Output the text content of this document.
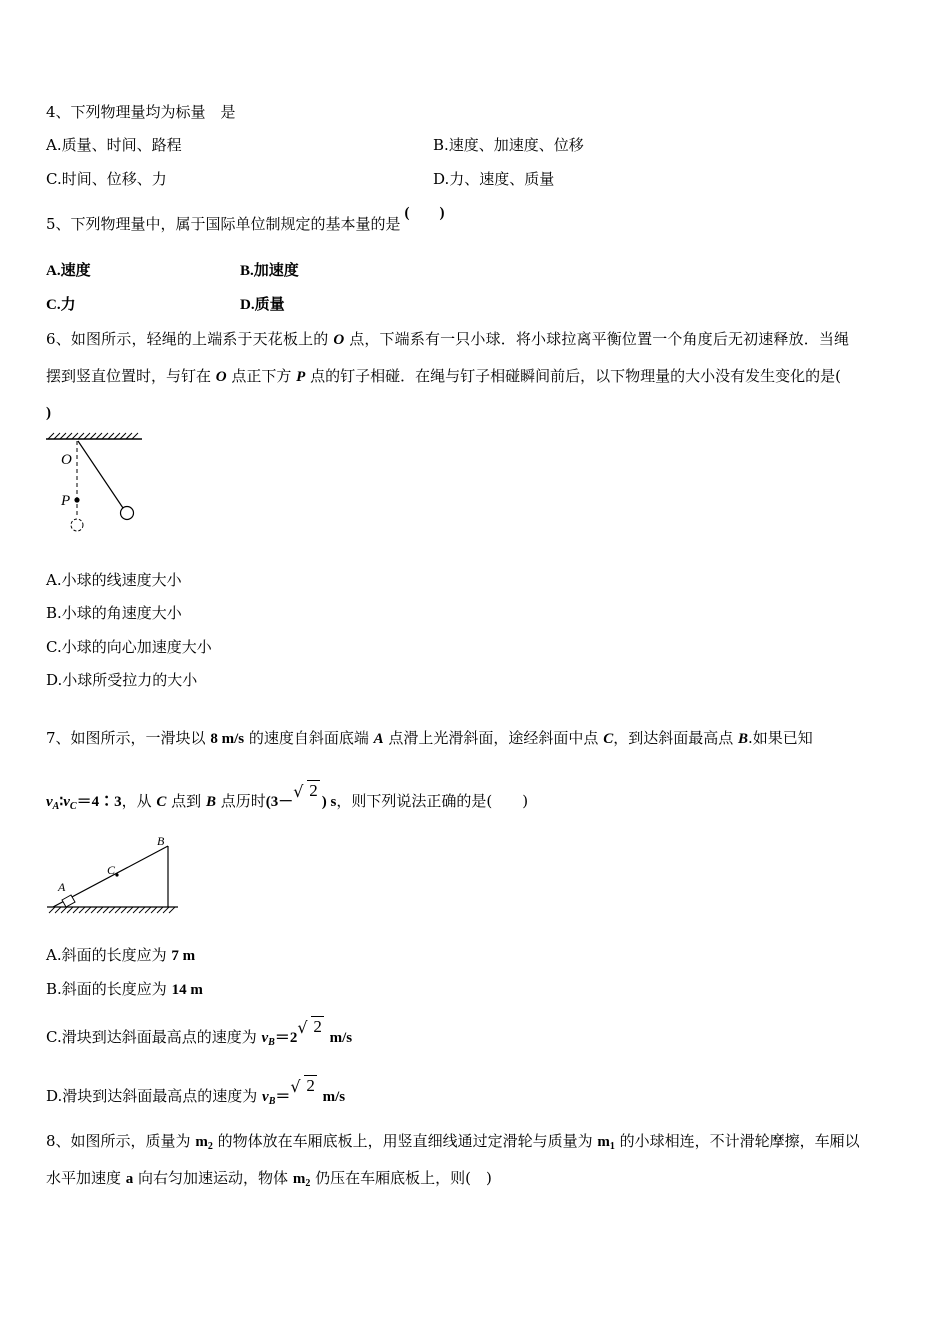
4、下列物理量均为标量　是
A.质量、时间、路程	B.速度、加速度、位移
C.时间、位移、力	D.力、速度、质量
5、下列物理量中，属于国际单位制规定的基本量的是(　　)
A.速度	B.加速度
C.力	D.质量
6、如图所示，轻绳的上端系于天花板上的 O 点，下端系有一只小球．将小球拉离平衡位置一个角度后无初速释放．当绳
摆到竖直位置时，与钉在 O 点正下方 P 点的钉子相碰．在绳与钉子相碰瞬间前后，以下物理量的大小没有发生变化的是(
)
O
P
A.小球的线速度大小
B.小球的角速度大小
C.小球的向心加速度大小
D.小球所受拉力的大小
7、如图所示，一滑块以 8 m/s 的速度自斜面底端 A 点滑上光滑斜面，途经斜面中点 C，到达斜面最高点 B.如果已知
$v_A∶v_C=4∶3$，从 C 点到 B 点历时(3－
√ 2) s，则下列说法正确的是(　　)
A
B
C
A.斜面的长度应为 7 m
B.斜面的长度应为 14 m
C.滑块到达斜面最高点的速度为 $v_B=2$
√ 2 m/s
D.滑块到达斜面最高点的速度为 $v_B=$
√ 2 m/s
8、如图所示，质量为 $m_2$ 的物体放在车厢底板上，用竖直细线通过定滑轮与质量为 $m_1$ 的小球相连，不计滑轮摩擦，车厢以
水平加速度 a 向右匀加速运动，物体 $m_2$ 仍压在车厢底板上，则(　)
